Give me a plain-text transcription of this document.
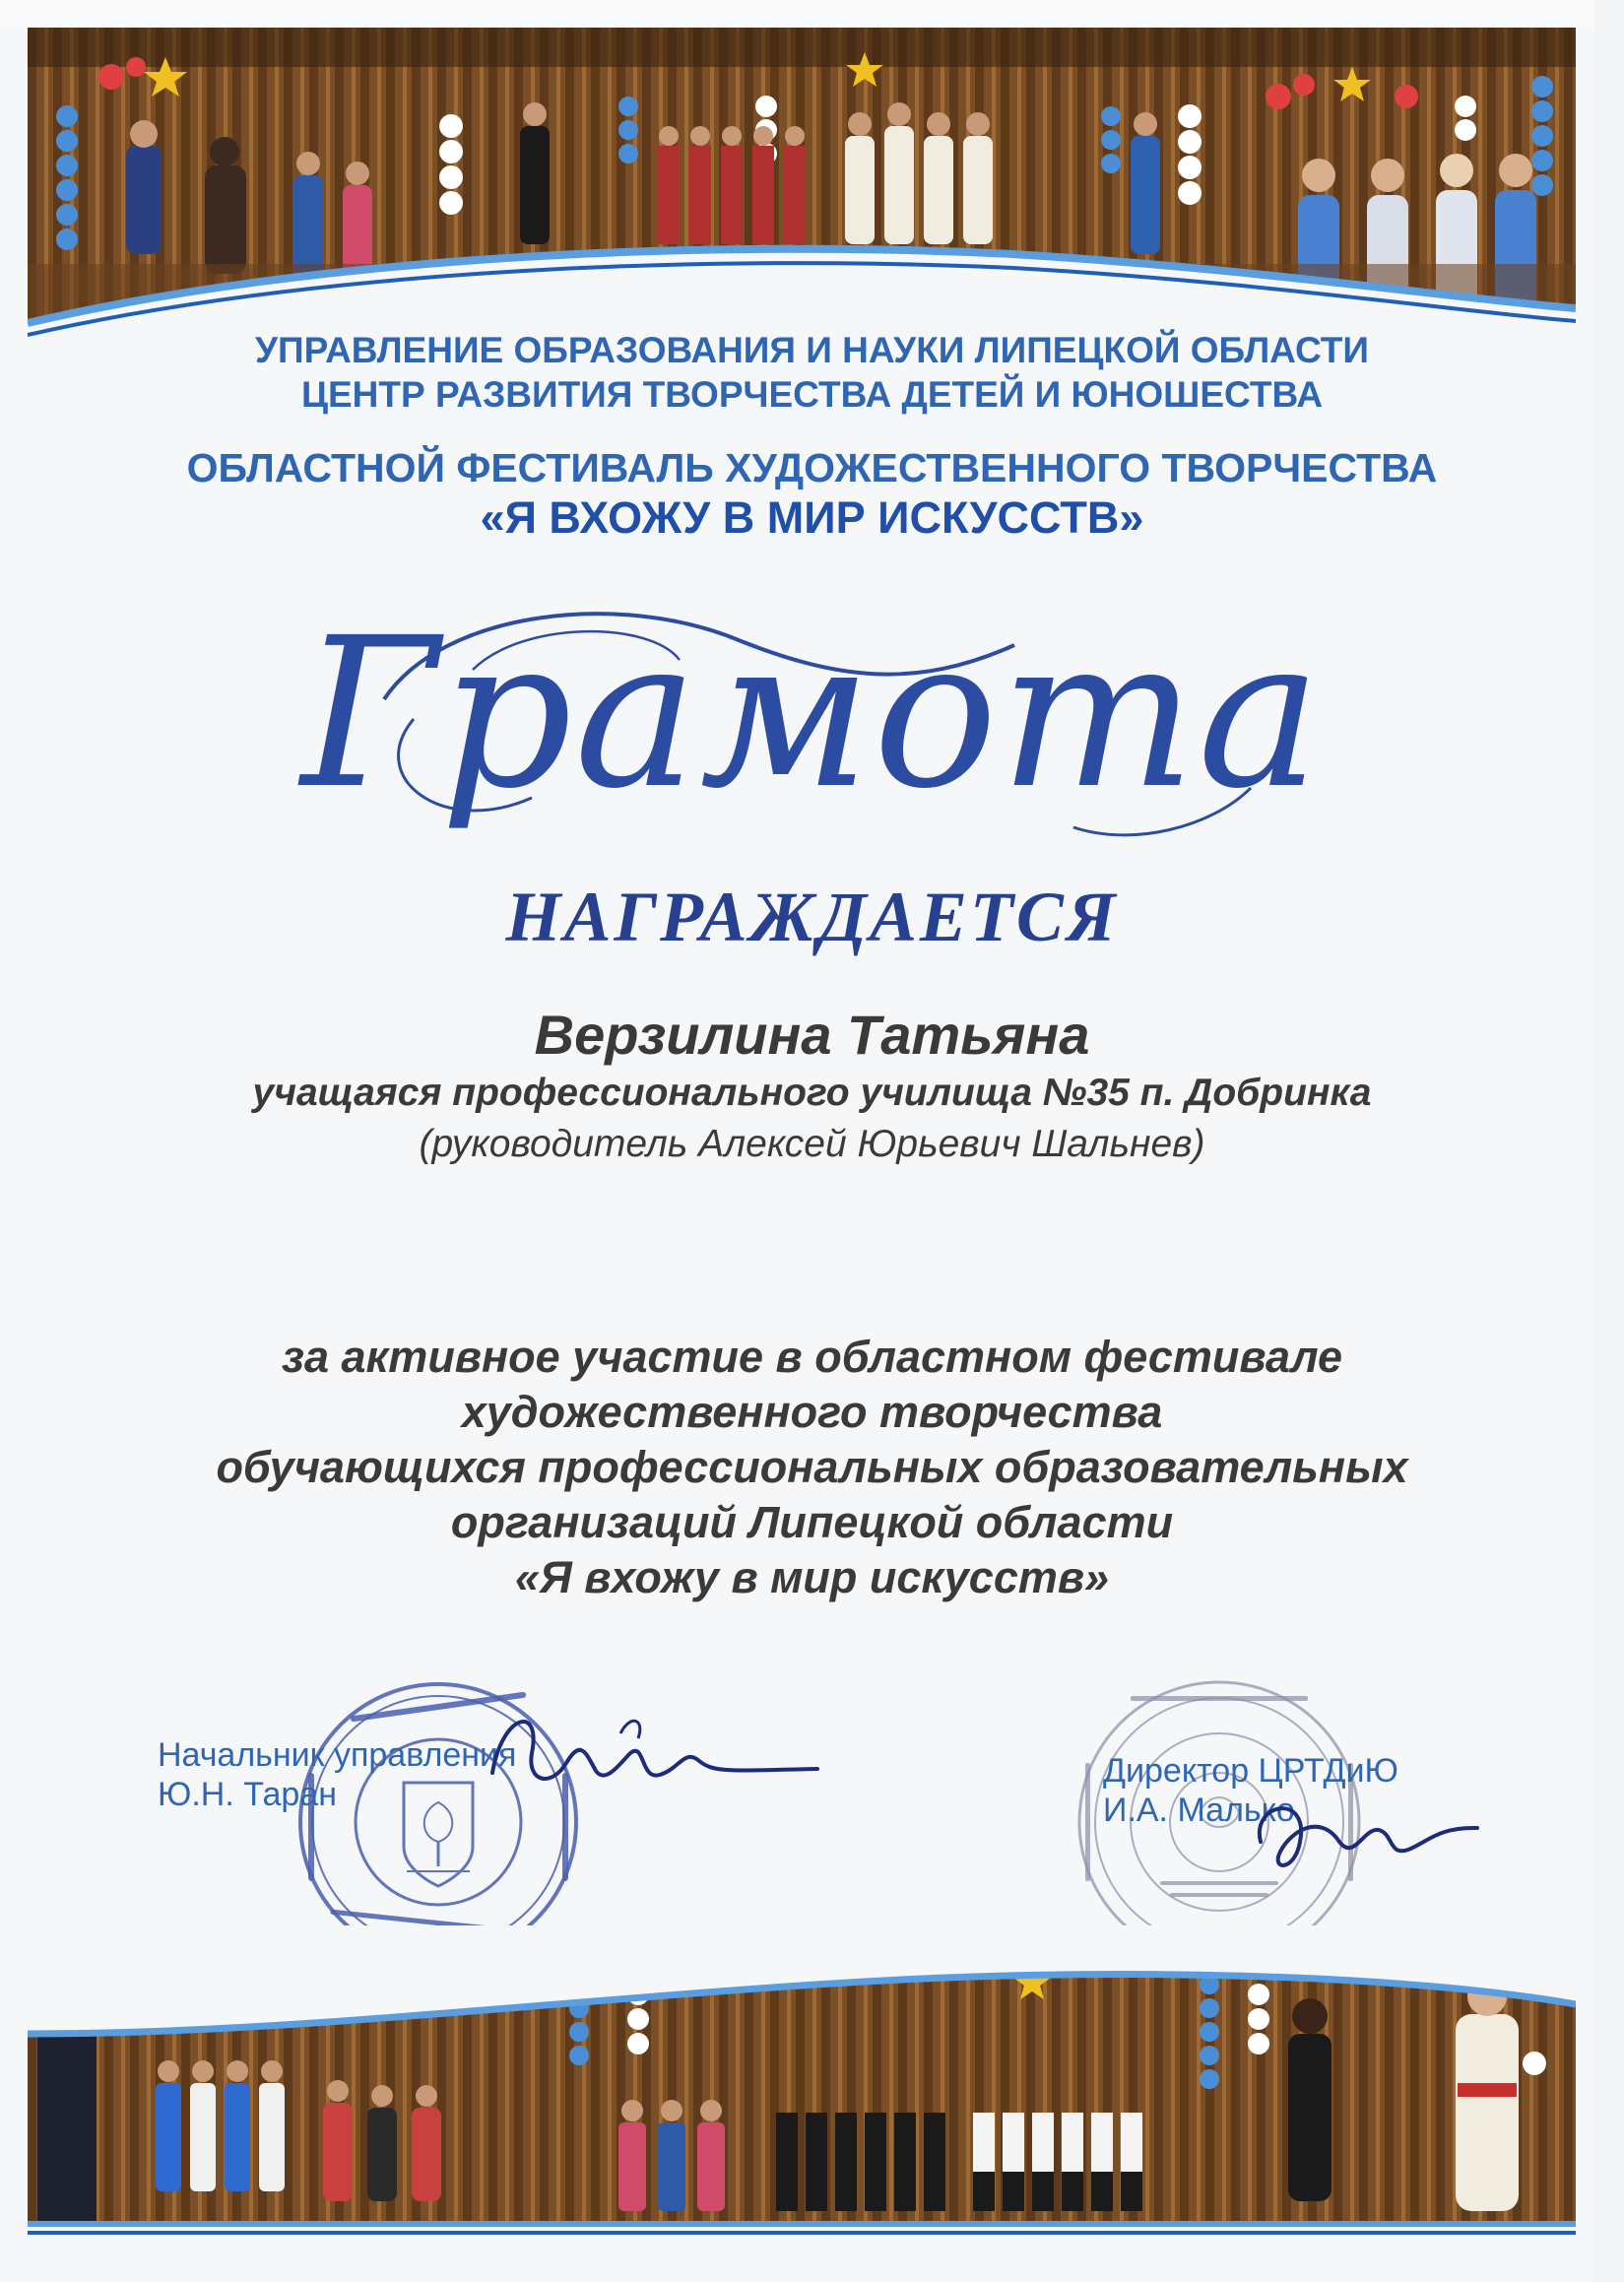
УПРАВЛЕНИЕ ОБРАЗОВАНИЯ И НАУКИ ЛИПЕЦКОЙ ОБЛАСТИ

ЦЕНТР РАЗВИТИЯ ТВОРЧЕСТВА ДЕТЕЙ И ЮНОШЕСТВА

ОБЛАСТНОЙ ФЕСТИВАЛЬ ХУДОЖЕСТВЕННОГО ТВОРЧЕСТВА

«Я ВХОЖУ В МИР ИСКУССТВ»

Грамота

НАГРАЖДАЕТСЯ

Верзилина Татьяна

учащаяся профессионального училища №35 п. Добринка

(руководитель Алексей Юрьевич Шальнев)

за активное участие в областном фестивале

художественного творчества

обучающихся профессиональных образовательных

организаций Липецкой области

«Я вхожу в мир искусств»

Начальник управления
Ю.Н. Таран
Директор ЦРТДиЮ
И.А. Малько
